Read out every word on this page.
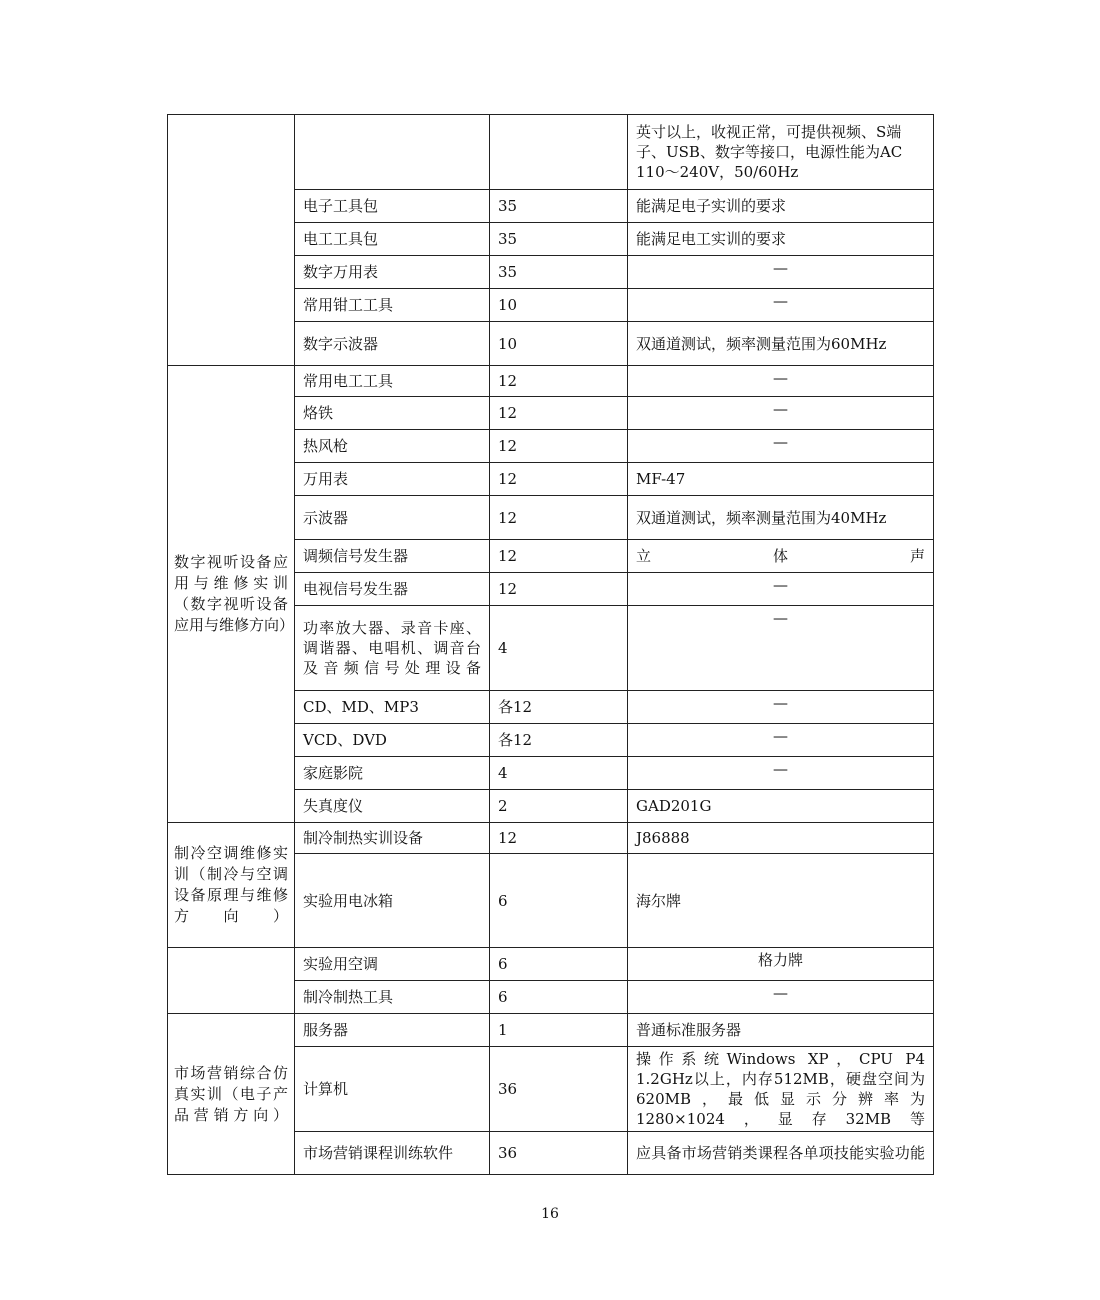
			英寸以上，收视正常，可提供视频、S端子、USB、数字等接口，电源性能为AC 110～240V，50/60Hz
	电子工具包	35	能满足电子实训的要求
	电工工具包	35	能满足电工实训的要求
	数字万用表	35	—
	常用钳工工具	10	—
	数字示波器	10	双通道测试，频率测量范围为60MHz
数字视听设备应用与维修实训（数字视听设备应用与维修方向）	常用电工工具	12	—
	烙铁	12	—
	热风枪	12	—
	万用表	12	MF-47
	示波器	12	双通道测试，频率测量范围为40MHz
	调频信号发生器	12	立体声
	电视信号发生器	12	—
	功率放大器、录音卡座、调谐器、电唱机、调音台及音频信号处理设备	4	—
	CD、MD、MP3	各12	—
	VCD、DVD	各12	—
	家庭影院	4	—
	失真度仪	2	GAD201G
制冷空调维修实训（制冷与空调设备原理与维修方向）	制冷制热实训设备	12	J86888
	实验用电冰箱	6	海尔牌
	实验用空调	6	格力牌
	制冷制热工具	6	—
市场营销综合仿真实训（电子产品营销方向）	服务器	1	普通标准服务器
	计算机	36	操作系统Windows XP，CPU P4 1.2GHz以上，内存512MB，硬盘空间为620MB，最低显示分辨率为1280×1024，显存32MB等
	市场营销课程训练软件	36	应具备市场营销类课程各单项技能实验功能
16
